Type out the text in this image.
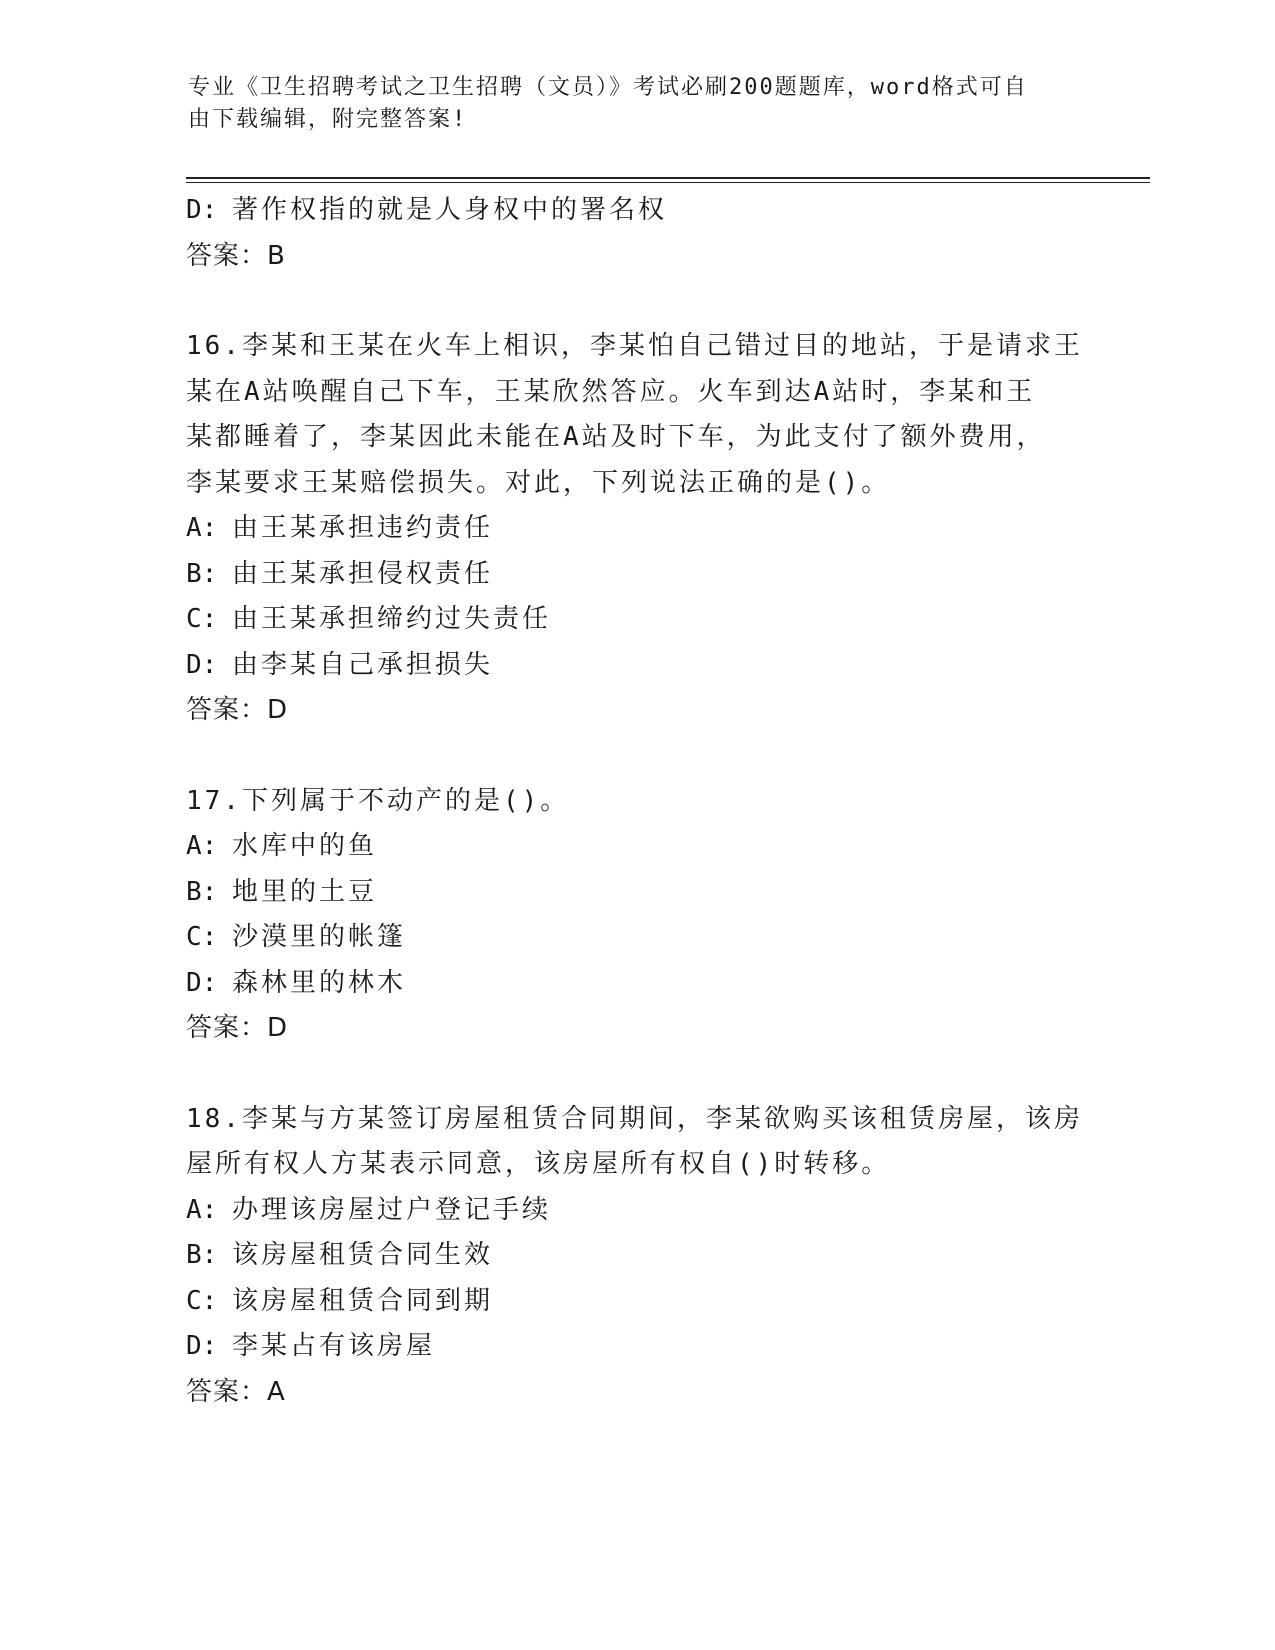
专业《卫生招聘考试之卫生招聘（文员）》考试必刷200题题库，word格式可自
由下载编辑，附完整答案!
D: 著作权指的就是人身权中的署名权
答案：B
16.李某和王某在火车上相识，李某怕自己错过目的地站，于是请求王
某在A站唤醒自己下车，王某欣然答应。火车到达A站时，李某和王
某都睡着了，李某因此未能在A站及时下车，为此支付了额外费用，
李某要求王某赔偿损失。对此，下列说法正确的是()。
A: 由王某承担违约责任
B: 由王某承担侵权责任
C: 由王某承担缔约过失责任
D: 由李某自己承担损失
答案：D
17.下列属于不动产的是()。
A: 水库中的鱼
B: 地里的土豆
C: 沙漠里的帐篷
D: 森林里的林木
答案：D
18.李某与方某签订房屋租赁合同期间，李某欲购买该租赁房屋，该房
屋所有权人方某表示同意，该房屋所有权自()时转移。
A: 办理该房屋过户登记手续
B: 该房屋租赁合同生效
C: 该房屋租赁合同到期
D: 李某占有该房屋
答案：A
